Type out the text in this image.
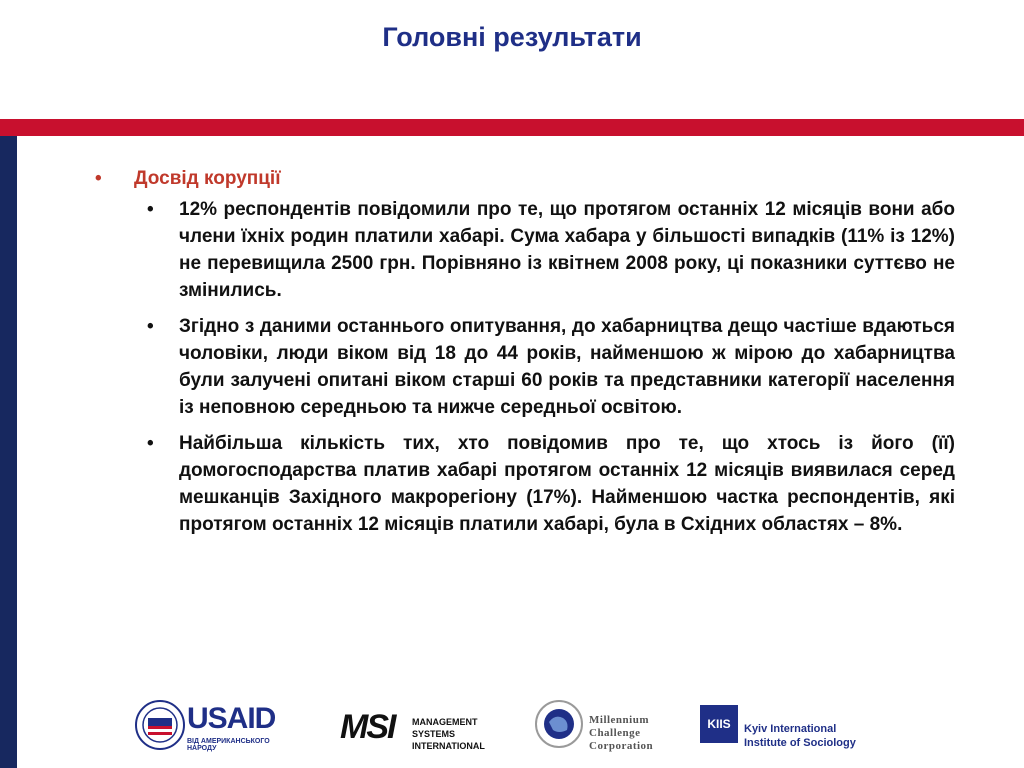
Головні результати
• Досвід корупції
• 12% респондентів повідомили про те, що протягом останніх 12 місяців вони або члени їхніх родин платили хабарі. Сума хабара у більшості випадків (11% із 12%) не перевищила 2500 грн. Порівняно із квітнем 2008 року, ці показники суттєво не змінились.
• Згідно з даними останнього опитування, до хабарництва дещо частіше вдаються чоловіки, люди віком від 18 до 44 років, найменшою ж мірою до хабарництва були залучені опитані віком старші 60 років та представники категорії населення із неповною середньою та нижче середньої освітою.
• Найбільша кількість тих, хто повідомив про те, що хтось із його (її) домогосподарства платив хабарі протягом останніх 12 місяців виявилася серед мешканців Західного макрорегіону (17%). Найменшою частка респондентів, які протягом останніх 12 місяців платили хабарі, була в Східних областях – 8%.
USAID
ВІД АМЕРИКАНСЬКОГО НАРОДУ
MSI MANAGEMENT
SYSTEMS
INTERNATIONAL
Millennium
Challenge
Corporation
KIIS	Kyiv International
Institute of Sociology
